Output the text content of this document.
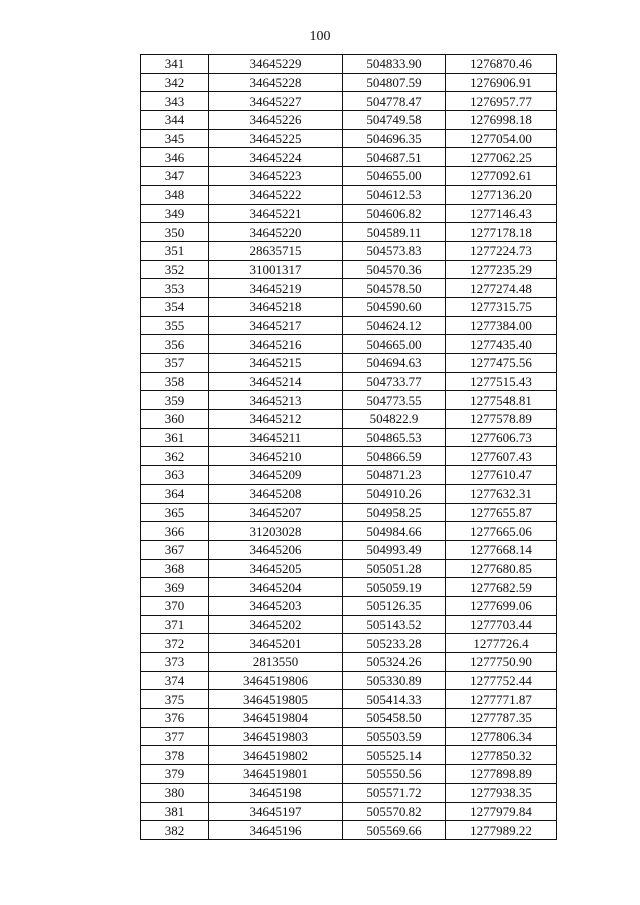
100
341	34645229	504833.90	1276870.46
342	34645228	504807.59	1276906.91
343	34645227	504778.47	1276957.77
344	34645226	504749.58	1276998.18
345	34645225	504696.35	1277054.00
346	34645224	504687.51	1277062.25
347	34645223	504655.00	1277092.61
348	34645222	504612.53	1277136.20
349	34645221	504606.82	1277146.43
350	34645220	504589.11	1277178.18
351	28635715	504573.83	1277224.73
352	31001317	504570.36	1277235.29
353	34645219	504578.50	1277274.48
354	34645218	504590.60	1277315.75
355	34645217	504624.12	1277384.00
356	34645216	504665.00	1277435.40
357	34645215	504694.63	1277475.56
358	34645214	504733.77	1277515.43
359	34645213	504773.55	1277548.81
360	34645212	504822.9	1277578.89
361	34645211	504865.53	1277606.73
362	34645210	504866.59	1277607.43
363	34645209	504871.23	1277610.47
364	34645208	504910.26	1277632.31
365	34645207	504958.25	1277655.87
366	31203028	504984.66	1277665.06
367	34645206	504993.49	1277668.14
368	34645205	505051.28	1277680.85
369	34645204	505059.19	1277682.59
370	34645203	505126.35	1277699.06
371	34645202	505143.52	1277703.44
372	34645201	505233.28	1277726.4
373	2813550	505324.26	1277750.90
374	3464519806	505330.89	1277752.44
375	3464519805	505414.33	1277771.87
376	3464519804	505458.50	1277787.35
377	3464519803	505503.59	1277806.34
378	3464519802	505525.14	1277850.32
379	3464519801	505550.56	1277898.89
380	34645198	505571.72	1277938.35
381	34645197	505570.82	1277979.84
382	34645196	505569.66	1277989.22
